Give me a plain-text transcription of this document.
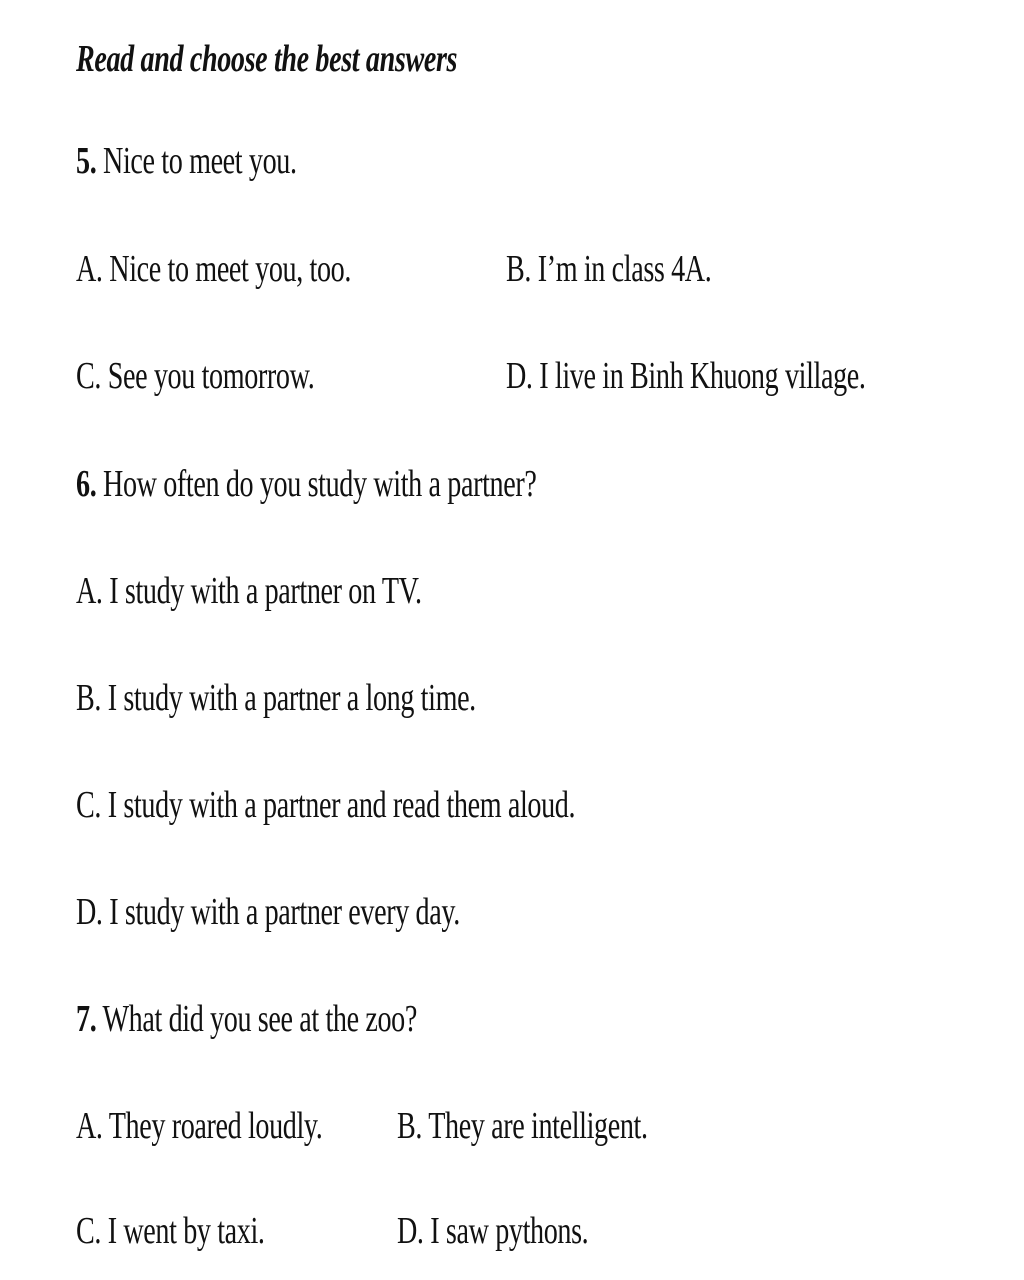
Read and choose the best answers
5. Nice to meet you.
A. Nice to meet you, too.	B. I’m in class 4A.
C. See you tomorrow.	D. I live in Binh Khuong village.
6. How often do you study with a partner?
A. I study with a partner on TV.
B. I study with a partner a long time.
C. I study with a partner and read them aloud.
D. I study with a partner every day.
7. What did you see at the zoo?
A. They roared loudly. B. They are intelligent.
C. I went by taxi.	D. I saw pythons.
